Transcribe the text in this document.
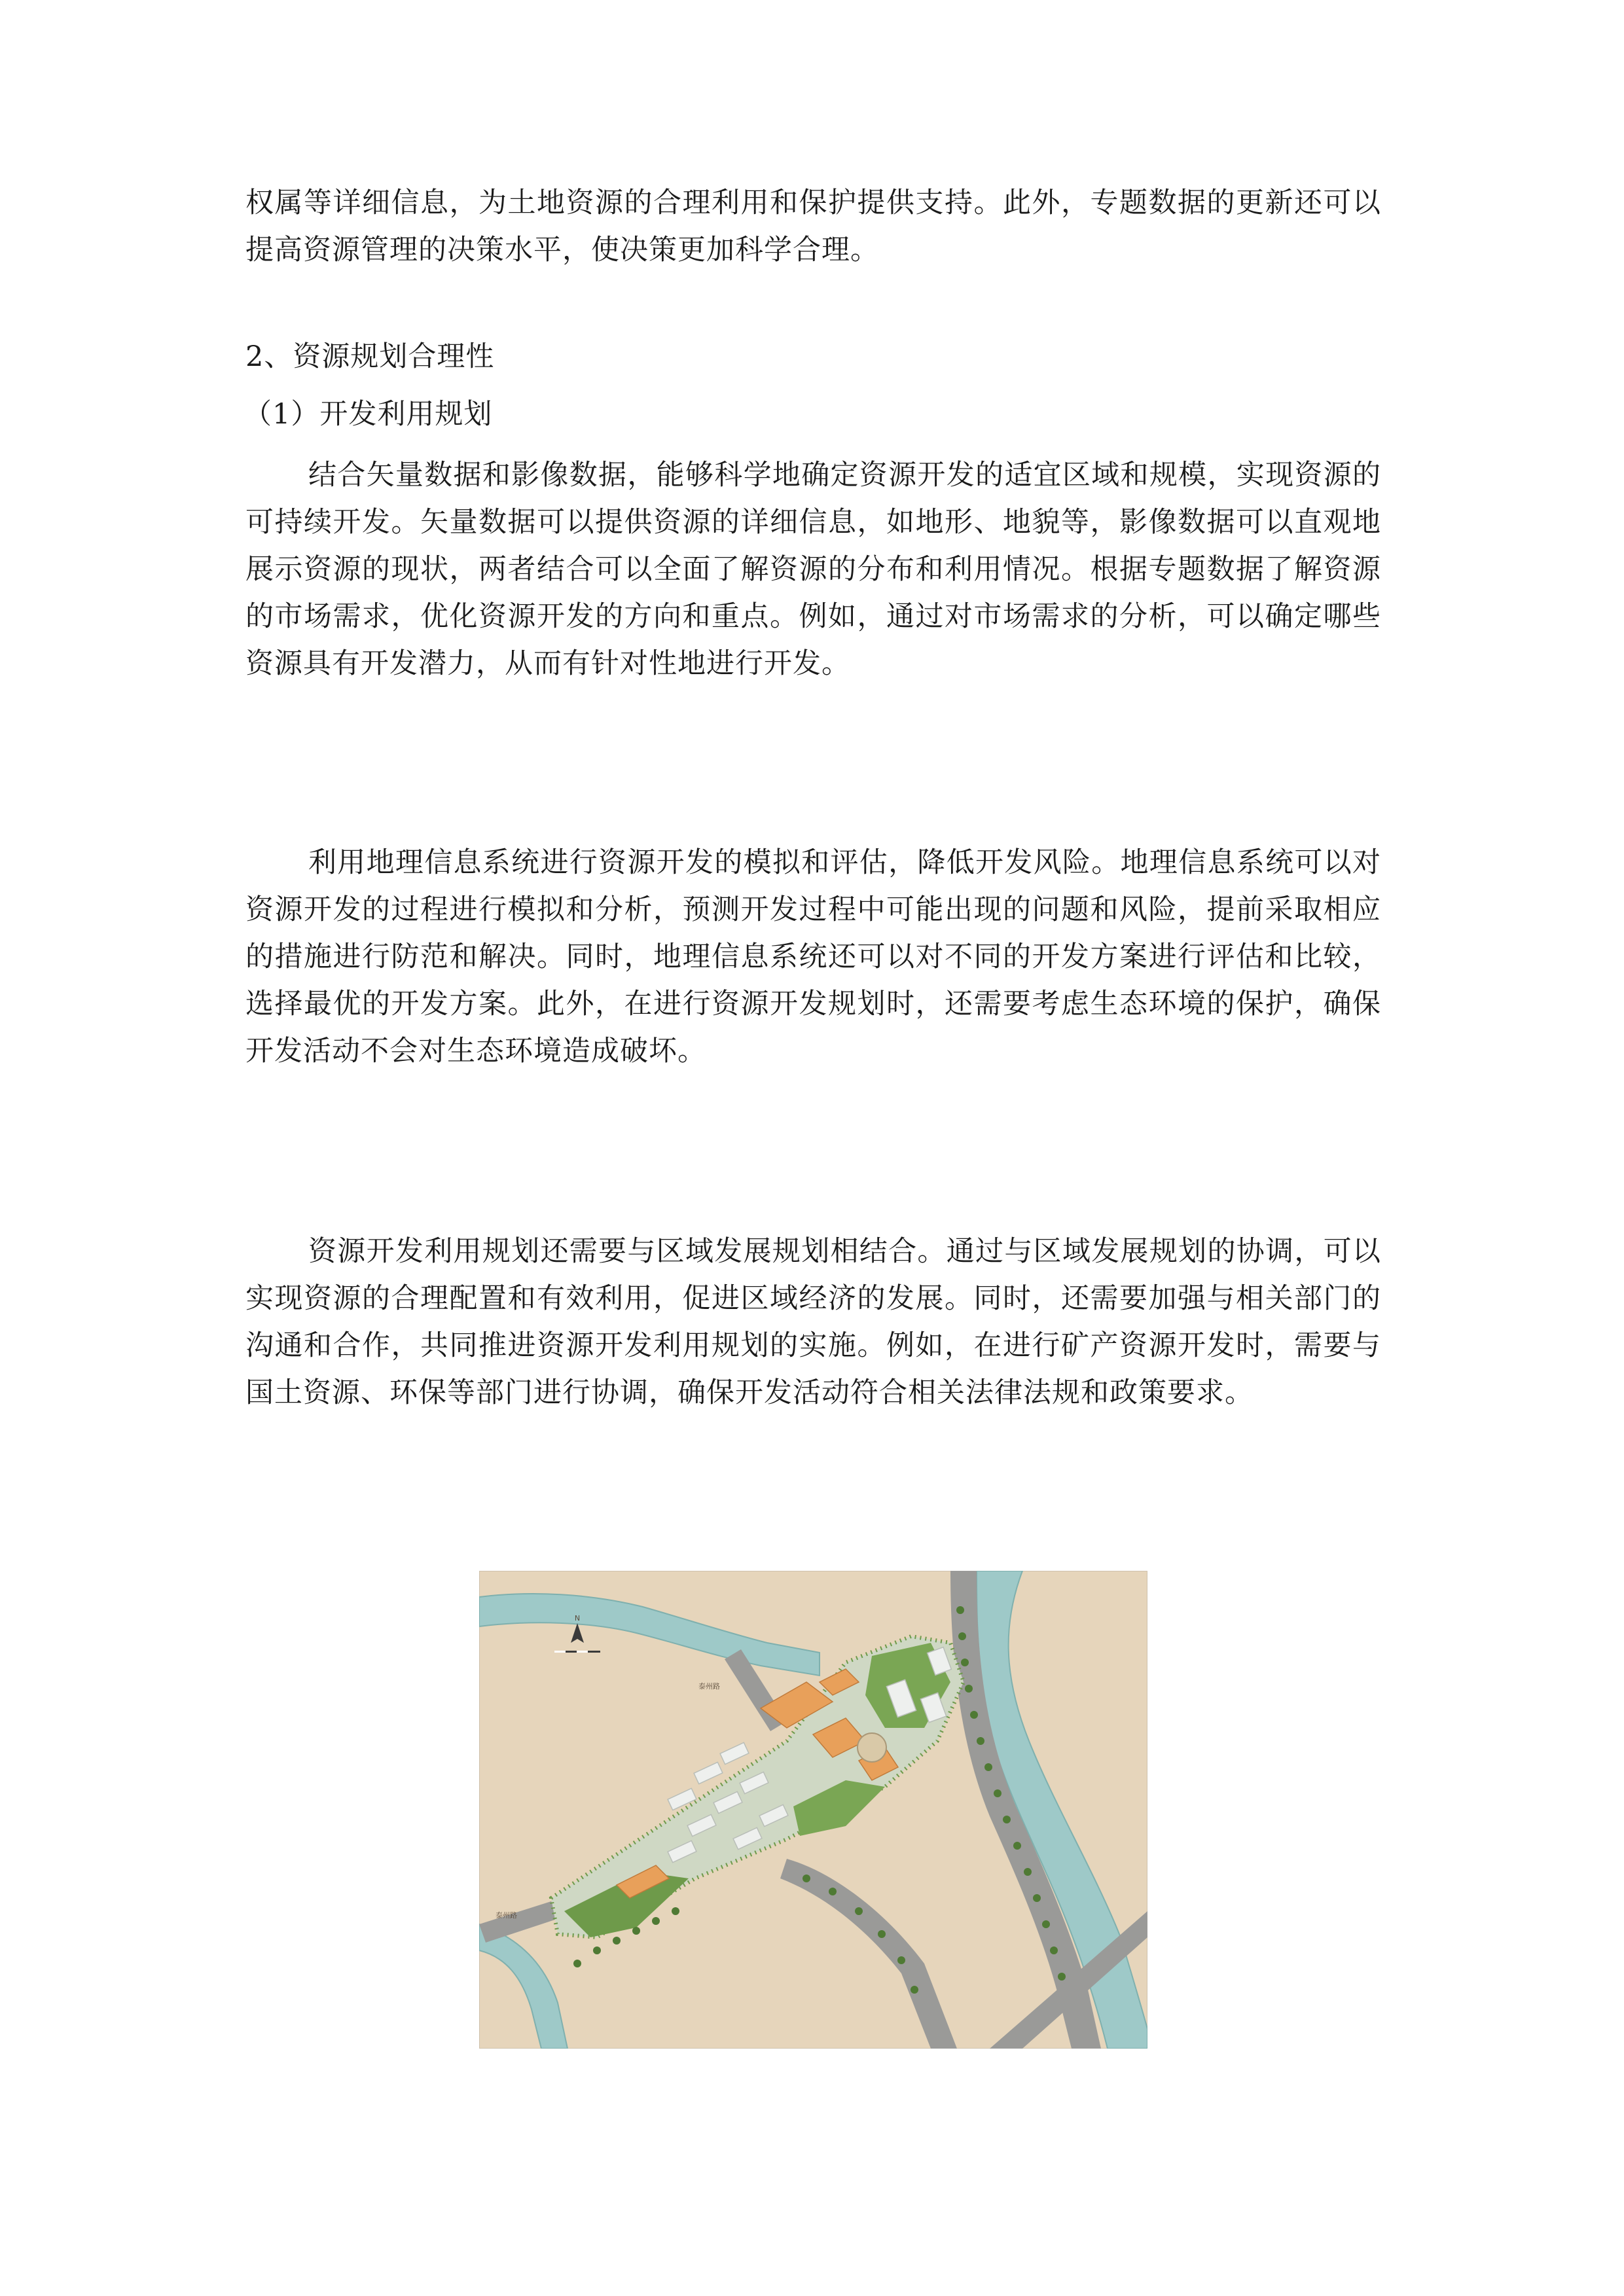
权属等详细信息，为土地资源的合理利用和保护提供支持。此外，专题数据的更新还可以提高资源管理的决策水平，使决策更加科学合理。
2、资源规划合理性
（1）开发利用规划
结合矢量数据和影像数据，能够科学地确定资源开发的适宜区域和规模，实现资源的可持续开发。矢量数据可以提供资源的详细信息，如地形、地貌等，影像数据可以直观地展示资源的现状，两者结合可以全面了解资源的分布和利用情况。根据专题数据了解资源的市场需求，优化资源开发的方向和重点。例如，通过对市场需求的分析，可以确定哪些资源具有开发潜力，从而有针对性地进行开发。
利用地理信息系统进行资源开发的模拟和评估，降低开发风险。地理信息系统可以对资源开发的过程进行模拟和分析，预测开发过程中可能出现的问题和风险，提前采取相应的措施进行防范和解决。同时，地理信息系统还可以对不同的开发方案进行评估和比较，选择最优的开发方案。此外，在进行资源开发规划时，还需要考虑生态环境的保护，确保开发活动不会对生态环境造成破坏。
资源开发利用规划还需要与区域发展规划相结合。通过与区域发展规划的协调，可以实现资源的合理配置和有效利用，促进区域经济的发展。同时，还需要加强与相关部门的沟通和合作，共同推进资源开发利用规划的实施。例如，在进行矿产资源开发时，需要与国土资源、环保等部门进行协调，确保开发活动符合相关法律法规和政策要求。
N
泰州路
泰州路
